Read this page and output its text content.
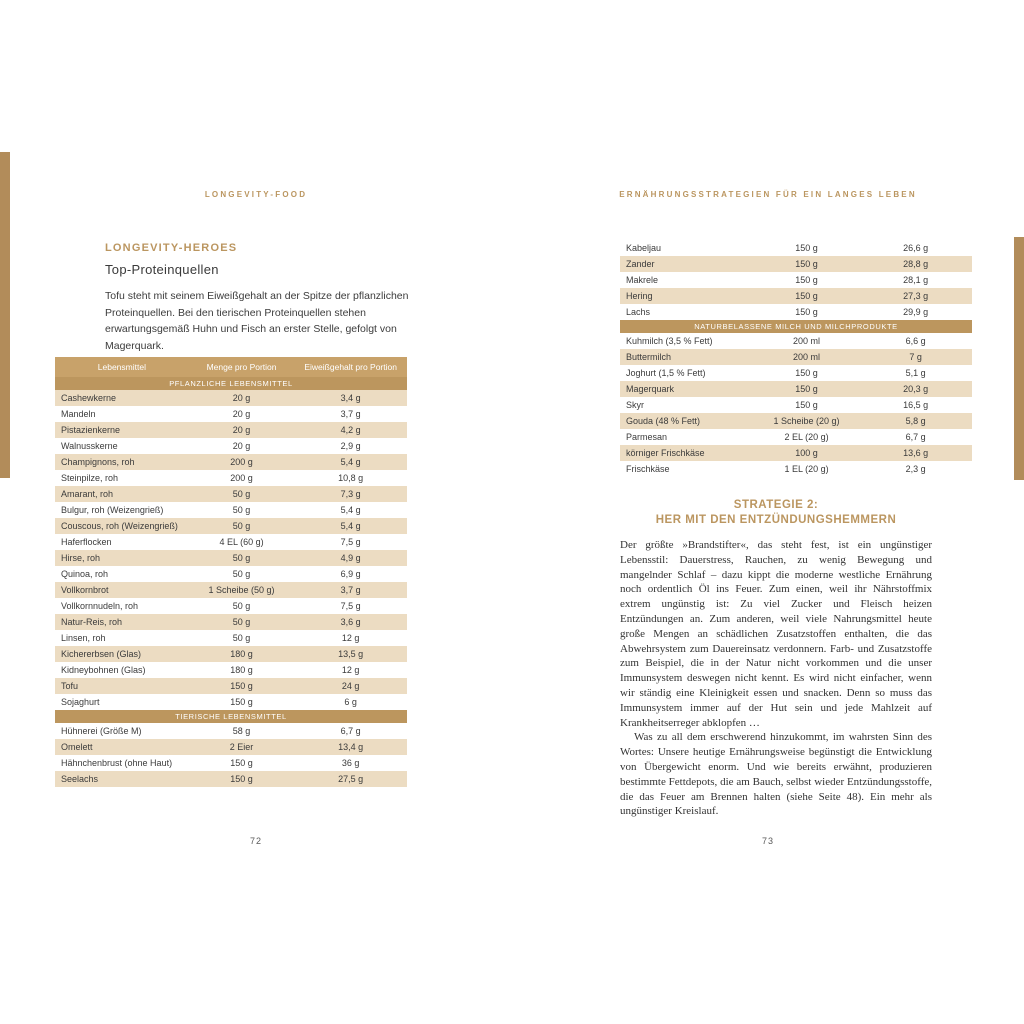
LONGEVITY-FOOD	ERNÄHRUNGSSTRATEGIEN FÜR EIN LANGES LEBEN
LONGEVITY-HEROES
Top-Proteinquellen
Tofu steht mit seinem Eiweißgehalt an der Spitze der pflanzlichen Proteinquellen. Bei den tierischen Proteinquellen stehen erwartungsgemäß Huhn und Fisch an erster Stelle, gefolgt von Magerquark.
Lebensmittel	Menge pro Portion	Eiweißgehalt pro Portion
PFLANZLICHE LEBENSMITTEL		
Cashewkerne	20 g	3,4 g
Mandeln	20 g	3,7 g
Pistazienkerne	20 g	4,2 g
Walnusskerne	20 g	2,9 g
Champignons, roh	200 g	5,4 g
Steinpilze, roh	200 g	10,8 g
Amarant, roh	50 g	7,3 g
Bulgur, roh (Weizengrieß)	50 g	5,4 g
Couscous, roh (Weizengrieß)	50 g	5,4 g
Haferflocken	4 EL (60 g)	7,5 g
Hirse, roh	50 g	4,9 g
Quinoa, roh	50 g	6,9 g
Vollkornbrot	1 Scheibe (50 g)	3,7 g
Vollkornnudeln, roh	50 g	7,5 g
Natur-Reis, roh	50 g	3,6 g
Linsen, roh	50 g	12 g
Kichererbsen (Glas)	180 g	13,5 g
Kidneybohnen (Glas)	180 g	12 g
Tofu	150 g	24 g
Sojaghurt	150 g	6 g
TIERISCHE LEBENSMITTEL		
Hühnerei (Größe M)	58 g	6,7 g
Omelett	2 Eier	13,4 g
Hähnchenbrust (ohne Haut)	150 g	36 g
Seelachs	150 g	27,5 g
72
Kabeljau	150 g	26,6 g
Zander	150 g	28,8 g
Makrele	150 g	28,1 g
Hering	150 g	27,3 g
Lachs	150 g	29,9 g
NATURBELASSENE MILCH UND MILCHPRODUKTE		
Kuhmilch (3,5 % Fett)	200 ml	6,6 g
Buttermilch	200 ml	7 g
Joghurt (1,5 % Fett)	150 g	5,1 g
Magerquark	150 g	20,3 g
Skyr	150 g	16,5 g
Gouda (48 % Fett)	1 Scheibe (20 g)	5,8 g
Parmesan	2 EL (20 g)	6,7 g
körniger Frischkäse	100 g	13,6 g
Frischkäse	1 EL (20 g)	2,3 g
STRATEGIE 2:
HER MIT DEN ENTZÜNDUNGSHEMMERN

Der größte »Brandstifter«, das steht fest, ist ein ungünstiger Lebensstil: Dauerstress, Rauchen, zu wenig Bewegung und mangelnder Schlaf – dazu kippt die moderne westliche Ernährung noch ordentlich Öl ins Feuer. Zum einen, weil ihr Nährstoffmix extrem ungünstig ist: Zu viel Zucker und Fleisch heizen Entzündungen an. Zum anderen, weil viele Nahrungsmittel heute große Mengen an schädlichen Zusatzstoffen enthalten, die das Abwehrsystem zum Dauereinsatz verdonnern. Farb- und Zusatzstoffe zum Beispiel, die in der Natur nicht vorkommen und die unser Immunsystem deswegen nicht kennt. Es wird nicht einfacher, wenn wir ständig eine Kleinigkeit essen und snacken. Denn so muss das Immunsystem immer auf der Hut sein und jede Mahlzeit auf Krankheitserreger abklopfen …

Was zu all dem erschwerend hinzukommt, im wahrsten Sinn des Wortes: Unsere heutige Ernährungsweise begünstigt die Entwicklung von Übergewicht enorm. Und wie bereits erwähnt, produzieren bestimmte Fettdepots, die am Bauch, selbst wieder Entzündungsstoffe, die das Feuer am Brennen halten (siehe Seite 48). Ein mehr als ungünstiger Kreislauf.

73
